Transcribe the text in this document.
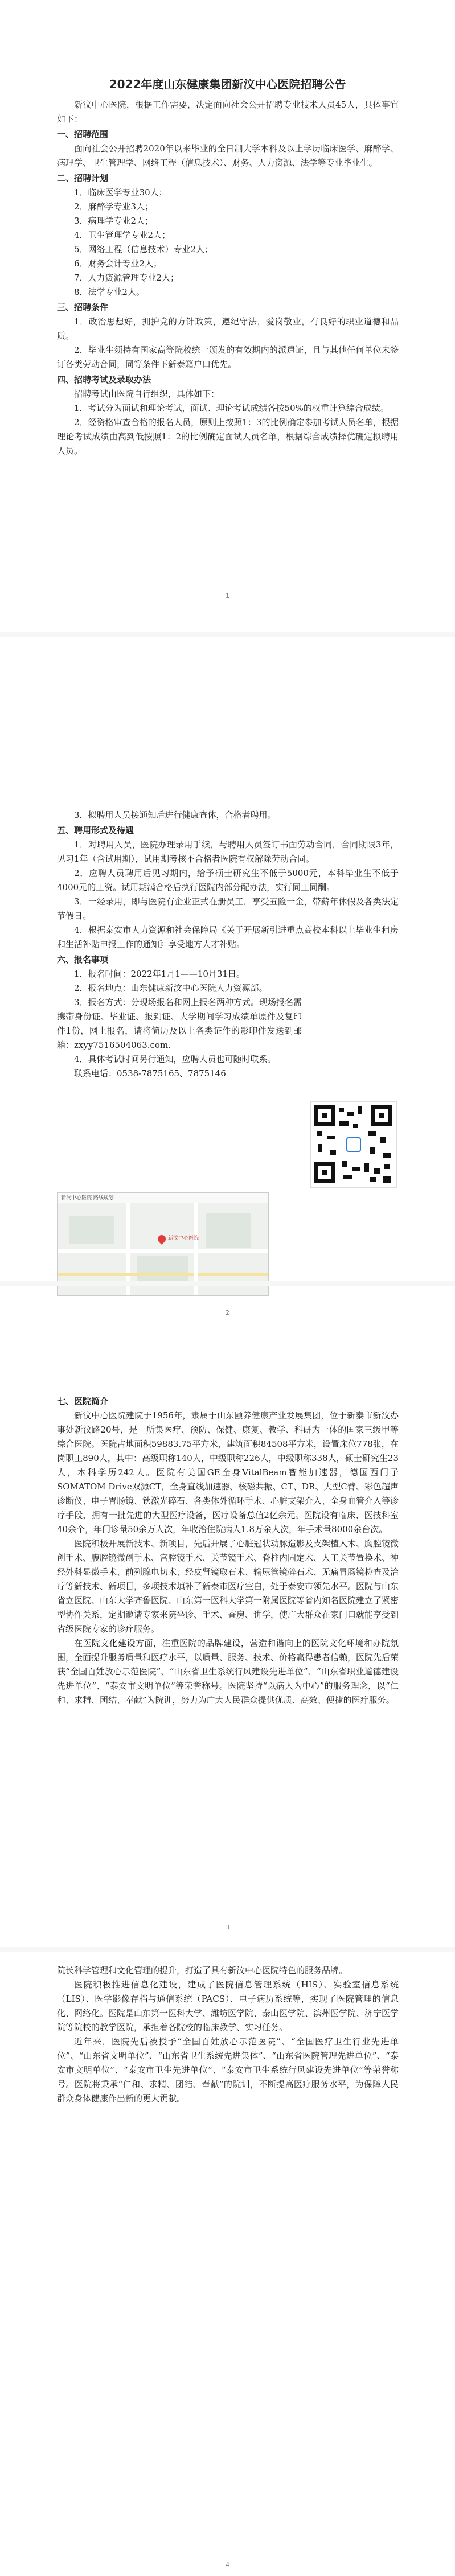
2022年度山东健康集团新汶中心医院招聘公告

新汶中心医院，根据工作需要，决定面向社会公开招聘专业技术人员45人，具体事宜如下：

一、招聘范围

面向社会公开招聘2020年以来毕业的全日制大学本科及以上学历临床医学、麻醉学、病理学、卫生管理学、网络工程（信息技术）、财务、人力资源、法学等专业毕业生。

二、招聘计划

1．临床医学专业30人；

2．麻醉学专业3人；

3．病理学专业2人；

4．卫生管理学专业2人；

5．网络工程（信息技术）专业2人；

6．财务会计专业2人；

7．人力资源管理专业2人；

8．法学专业2人。

三、招聘条件

1．政治思想好，拥护党的方针政策，遵纪守法，爱岗敬业，有良好的职业道德和品质。

2．毕业生须持有国家高等院校统一颁发的有效期内的派遣证，且与其他任何单位未签订各类劳动合同，同等条件下新泰籍户口优先。

四、招聘考试及录取办法

招聘考试由医院自行组织，具体如下：

1．考试分为面试和理论考试，面试、理论考试成绩各按50%的权重计算综合成绩。

2．经资格审查合格的报名人员，原则上按照1：3的比例确定参加考试人员名单，根据理论考试成绩由高到低按照1：2的比例确定面试人员名单，根据综合成绩择优确定拟聘用人员。

1

3．拟聘用人员接通知后进行健康查体，合格者聘用。

五、聘用形式及待遇

1．对聘用人员，医院办理录用手续，与聘用人员签订书面劳动合同，合同期限3年，见习1年（含试用期），试用期考核不合格者医院有权解除劳动合同。

2．应聘人员聘用后见习期内，给予硕士研究生不低于5000元，本科毕业生不低于4000元的工资。试用期满合格后执行医院内部分配办法，实行同工同酬。

3．一经录用，即与医院有企业正式在册员工，享受五险一金，带薪年休假及各类法定节假日。

4．根据泰安市人力资源和社会保障局《关于开展新引进重点高校本科以上毕业生租房和生活补贴申报工作的通知》享受地方人才补贴。

六、报名事项

1．报名时间：2022年1月1——10月31日。

2．报名地点：山东健康新汶中心医院人力资源部。

3．报名方式：分现场报名和网上报名两种方式。现场报名需携带身份证、毕业证、报到证、大学期间学习成绩单原件及复印件1份，网上报名，请将简历及以上各类证件的影印件发送到邮箱：zxyy7516504063.com.

4．具体考试时间另行通知，应聘人员也可随时联系。

联系电话：0538-7875165、7875146

新汶中心医院 路线规划
新汶中心医院
2
七、医院简介

新汶中心医院建院于1956年，隶属于山东颐养健康产业发展集团，位于新泰市新汶办事处新汶路20号，是一所集医疗、预防、保健、康复、教学、科研为一体的国家三级甲等综合医院。医院占地面积59883.75平方米，建筑面积84508平方米，设置床位778张，在岗职工890人，其中：高级职称140人，中级职称226人，中级职称338人，硕士研究生23人，本科学历242人。医院有美国GE全身VitalBeam智能加速器，德国西门子SOMATOM Drive双源CT，全身直线加速器、核磁共振、CT、DR、大型C臂、彩色超声诊断仪、电子胃肠镜、钬激光碎石、各类体外循环手术、心脏支架介入、全身血管介入等诊疗手段，拥有一批先进的大型医疗设备，医疗设备总值2亿余元。医院设有临床、医技科室40余个，年门诊量50余万人次，年收治住院病人1.8万余人次，年手术量8000余台次。

医院积极开展新技术、新项目，先后开展了心脏冠状动脉造影及支架植入术、胸腔镜微创手术、腹腔镜微创手术、宫腔镜手术、关节镜手术、脊柱内固定术、人工关节置换术、神经外科显微手术、前列腺电切术、经皮肾镜取石术、输尿管镜碎石术、无痛胃肠镜检查及治疗等新技术、新项目，多项技术填补了新泰市医疗空白，处于泰安市领先水平。医院与山东省立医院、山东大学齐鲁医院、山东第一医科大学第一附属医院等省内知名医院建立了紧密型协作关系，定期邀请专家来院坐诊、手术、查房、讲学，使广大群众在家门口就能享受到省级医院专家的诊疗服务。

在医院文化建设方面，注重医院的品牌建设，营造和谐向上的医院文化环境和办院氛围，全面提升服务质量和医疗水平，以质量、服务、技术、价格赢得患者信赖，医院先后荣获“全国百姓放心示范医院”、“山东省卫生系统行风建设先进单位”、“山东省职业道德建设先进单位”、“泰安市文明单位”等荣誉称号。医院坚持“以病人为中心”的服务理念，以“仁和、求精、团结、奉献”为院训，努力为广大人民群众提供优质、高效、便捷的医疗服务。

3

院长科学管理和文化管理的提升，打造了具有新汶中心医院特色的服务品牌。

医院积极推进信息化建设，建成了医院信息管理系统（HIS）、实验室信息系统（LIS）、医学影像存档与通信系统（PACS）、电子病历系统等，实现了医院管理的信息化、网络化。医院是山东第一医科大学、潍坊医学院、泰山医学院、滨州医学院、济宁医学院等院校的教学医院，承担着各院校的临床教学、实习任务。

近年来，医院先后被授予“全国百姓放心示范医院”、“全国医疗卫生行业先进单位”、“山东省文明单位”、“山东省卫生系统先进集体”、“山东省医院管理先进单位”、“泰安市文明单位”、“泰安市卫生先进单位”、“泰安市卫生系统行风建设先进单位”等荣誉称号。医院将秉承“仁和、求精、团结、奉献”的院训，不断提高医疗服务水平，为保障人民群众身体健康作出新的更大贡献。

4
